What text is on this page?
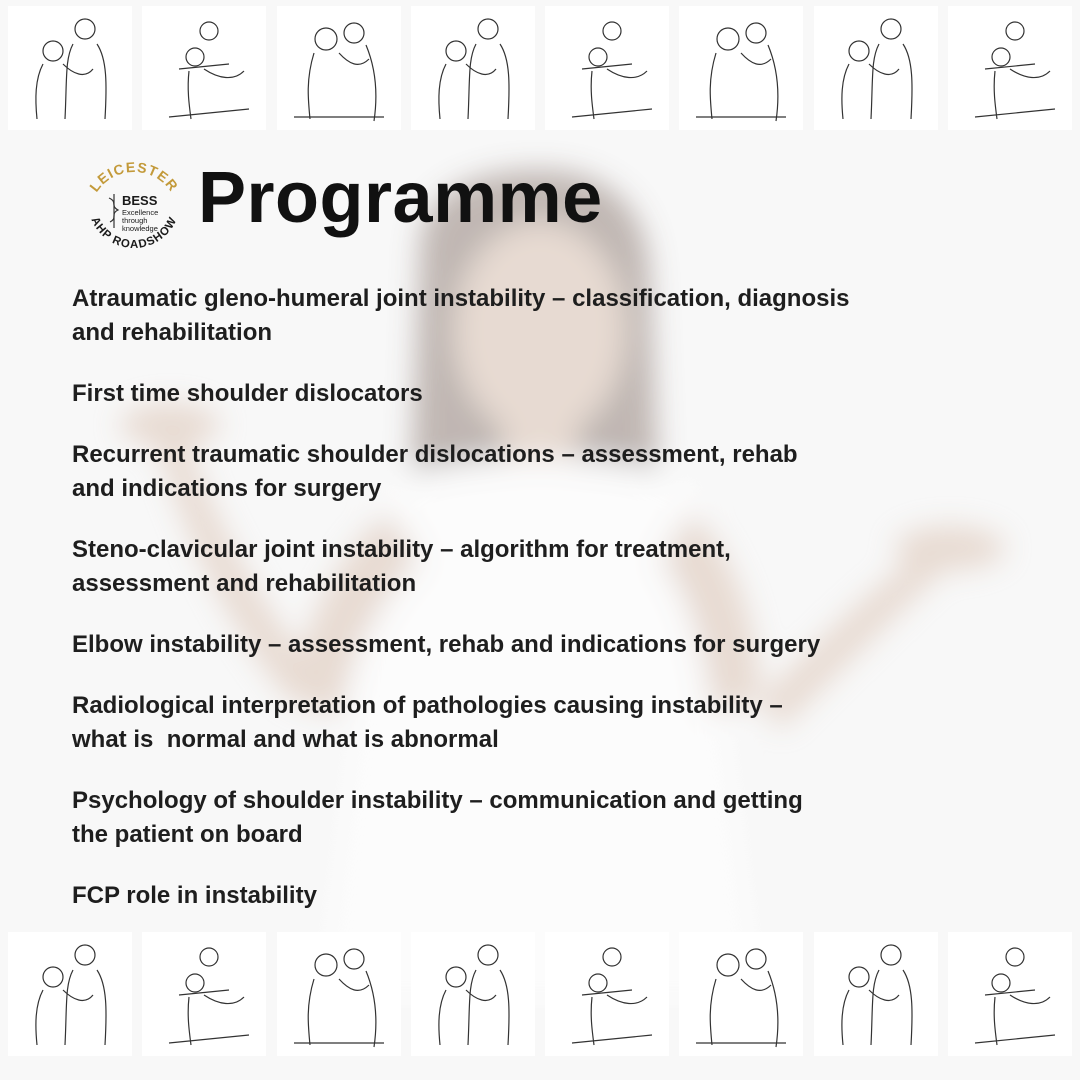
LEICESTER
AHP ROADSHOW
BESS
Excellence
through
knowledge Programme
Atraumatic gleno-humeral joint instability – classification, diagnosis
and rehabilitation
First time shoulder dislocators
Recurrent traumatic shoulder dislocations – assessment, rehab
and indications for surgery
Steno-clavicular joint instability – algorithm for treatment,
assessment and rehabilitation
Elbow instability – assessment, rehab and indications for surgery
Radiological interpretation of pathologies causing instability –
what is  normal and what is abnormal
Psychology of shoulder instability – communication and getting
the patient on board
FCP role in instability
